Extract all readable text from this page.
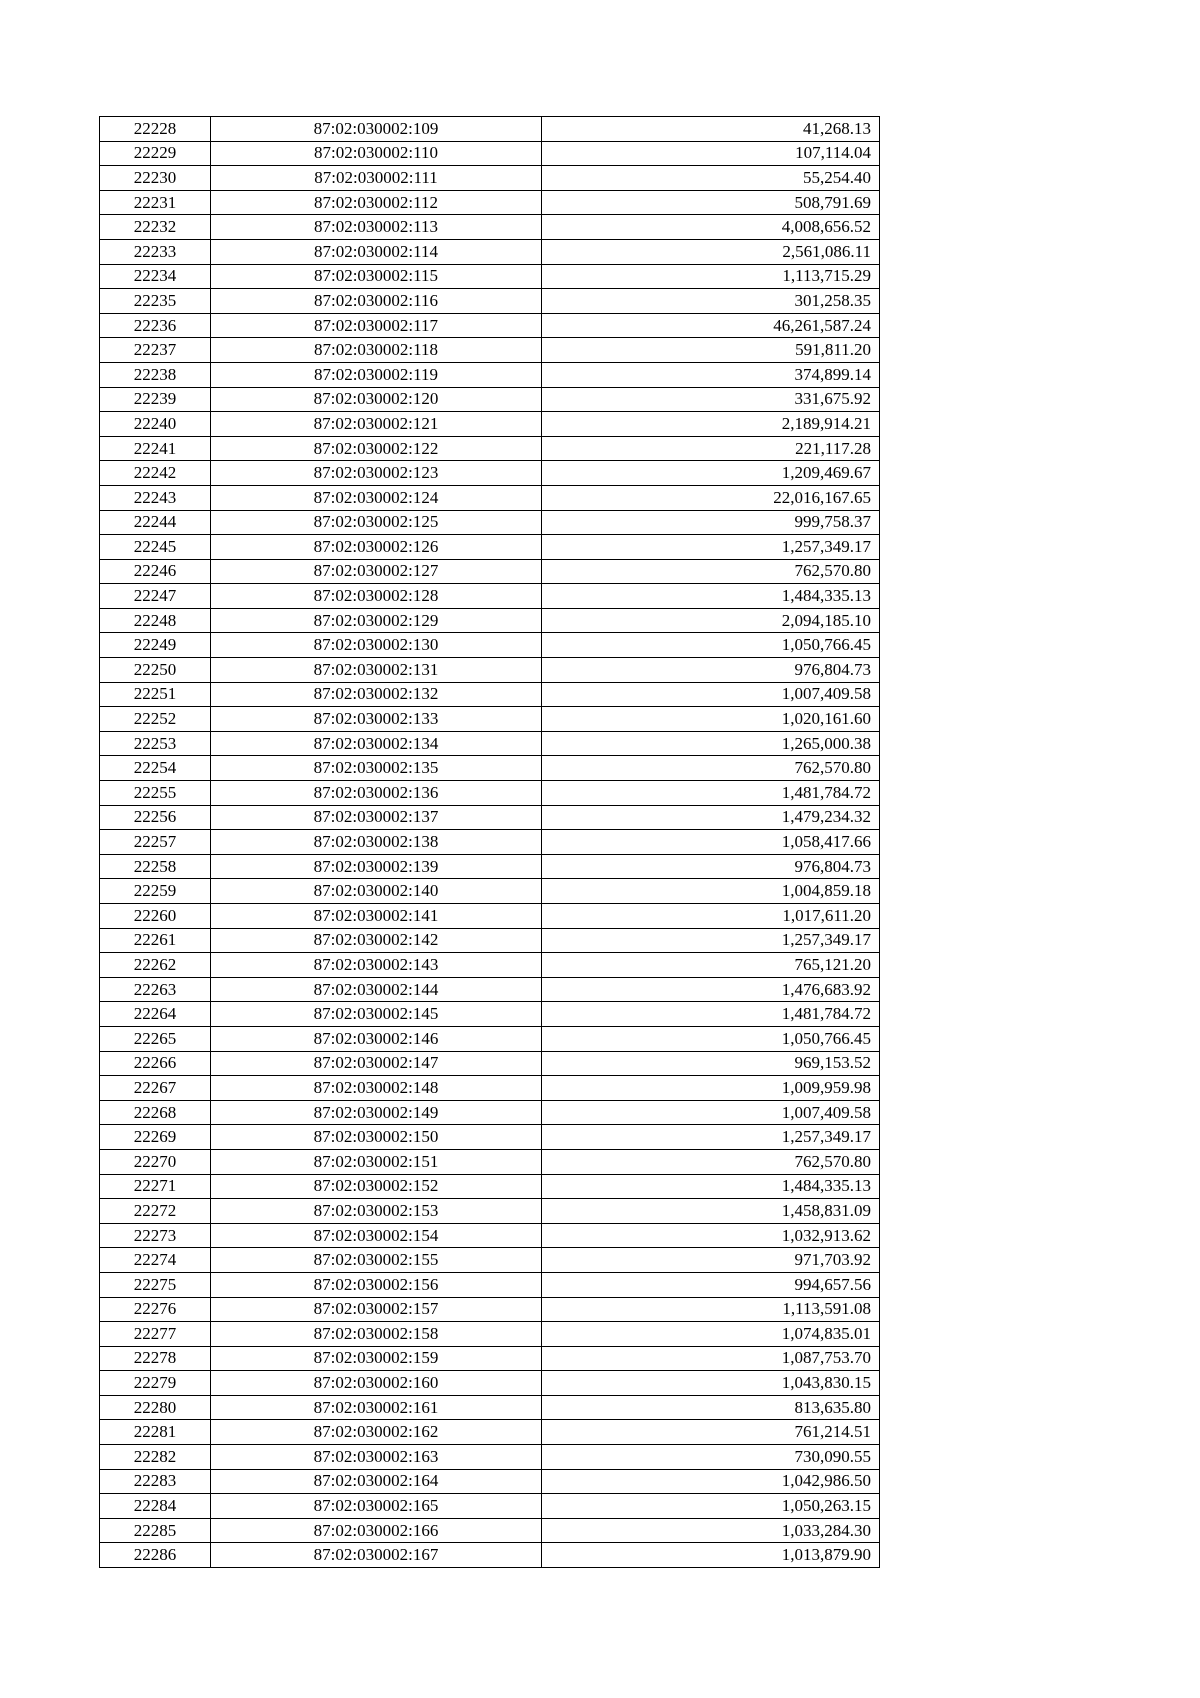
22228	87:02:030002:109	41,268.13
22229	87:02:030002:110	107,114.04
22230	87:02:030002:111	55,254.40
22231	87:02:030002:112	508,791.69
22232	87:02:030002:113	4,008,656.52
22233	87:02:030002:114	2,561,086.11
22234	87:02:030002:115	1,113,715.29
22235	87:02:030002:116	301,258.35
22236	87:02:030002:117	46,261,587.24
22237	87:02:030002:118	591,811.20
22238	87:02:030002:119	374,899.14
22239	87:02:030002:120	331,675.92
22240	87:02:030002:121	2,189,914.21
22241	87:02:030002:122	221,117.28
22242	87:02:030002:123	1,209,469.67
22243	87:02:030002:124	22,016,167.65
22244	87:02:030002:125	999,758.37
22245	87:02:030002:126	1,257,349.17
22246	87:02:030002:127	762,570.80
22247	87:02:030002:128	1,484,335.13
22248	87:02:030002:129	2,094,185.10
22249	87:02:030002:130	1,050,766.45
22250	87:02:030002:131	976,804.73
22251	87:02:030002:132	1,007,409.58
22252	87:02:030002:133	1,020,161.60
22253	87:02:030002:134	1,265,000.38
22254	87:02:030002:135	762,570.80
22255	87:02:030002:136	1,481,784.72
22256	87:02:030002:137	1,479,234.32
22257	87:02:030002:138	1,058,417.66
22258	87:02:030002:139	976,804.73
22259	87:02:030002:140	1,004,859.18
22260	87:02:030002:141	1,017,611.20
22261	87:02:030002:142	1,257,349.17
22262	87:02:030002:143	765,121.20
22263	87:02:030002:144	1,476,683.92
22264	87:02:030002:145	1,481,784.72
22265	87:02:030002:146	1,050,766.45
22266	87:02:030002:147	969,153.52
22267	87:02:030002:148	1,009,959.98
22268	87:02:030002:149	1,007,409.58
22269	87:02:030002:150	1,257,349.17
22270	87:02:030002:151	762,570.80
22271	87:02:030002:152	1,484,335.13
22272	87:02:030002:153	1,458,831.09
22273	87:02:030002:154	1,032,913.62
22274	87:02:030002:155	971,703.92
22275	87:02:030002:156	994,657.56
22276	87:02:030002:157	1,113,591.08
22277	87:02:030002:158	1,074,835.01
22278	87:02:030002:159	1,087,753.70
22279	87:02:030002:160	1,043,830.15
22280	87:02:030002:161	813,635.80
22281	87:02:030002:162	761,214.51
22282	87:02:030002:163	730,090.55
22283	87:02:030002:164	1,042,986.50
22284	87:02:030002:165	1,050,263.15
22285	87:02:030002:166	1,033,284.30
22286	87:02:030002:167	1,013,879.90
